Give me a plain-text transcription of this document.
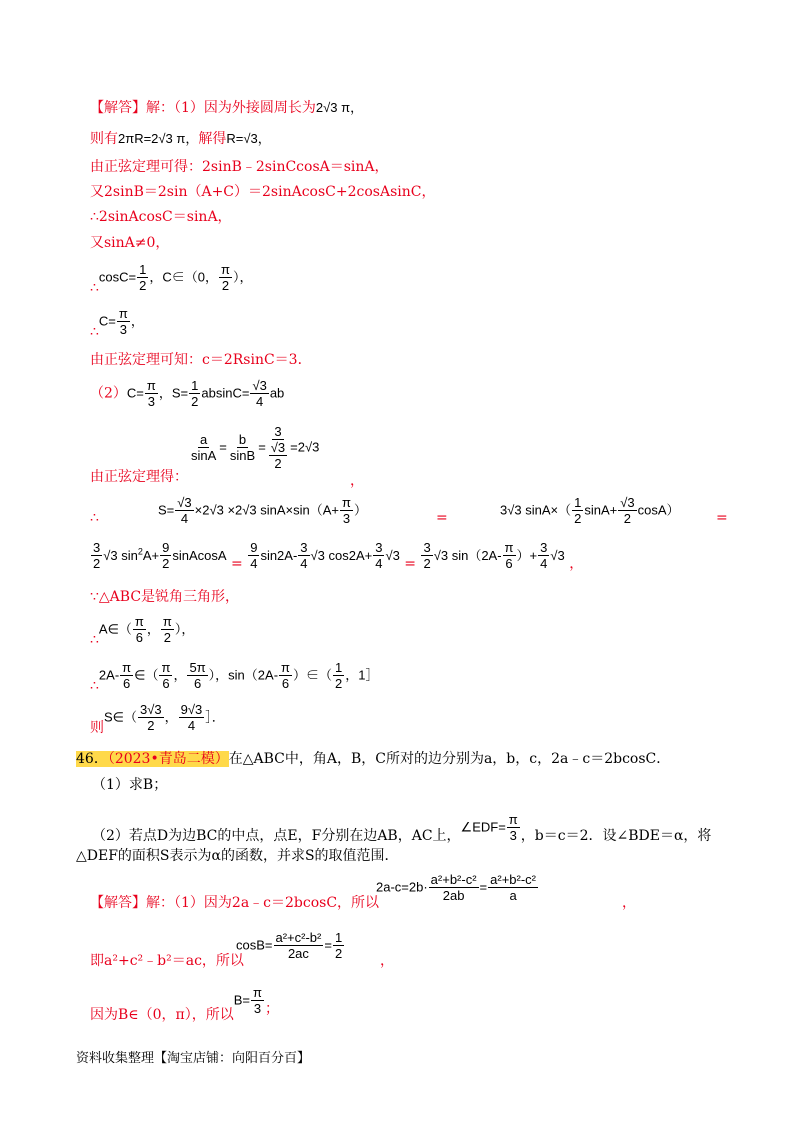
【解答】解：（1）因为外接圆周长为2√3 π，
则有2πR=2√3 π，解得R=√3，
由正弦定理可得：2sinB﹣2sinCcosA＝sinA，
又2sinB＝2sin（A+C）＝2sinAcosC+2cosAsinC，
∴2sinAcosC＝sinA，
又sinA≠0，
∴cosC= $\frac{1}{2}$ ，C∈（0， $\frac{\pi}{2}$ ），
∴C= $\frac{\pi}{3}$ ，
由正弦定理可知：c＝2RsinC＝3．
$(2)C= \frac{\pi}{3}$ ，$S= \frac{1}{2} absinC= \frac{√3}{4}$ ab
$\frac{a}{\sin A} = \frac{b}{\sin B} = 3$
√3
2 =2√3
由正弦定理得：	，
∴	$S= \frac{√3}{4} \times 2√3 \times 2√3$ $\sin A\times\sin(A+ \frac{\pi}{3}$ ）	=	3√3 $\sin A\times( \frac{1}{2} \sin A+ \frac{√3}{2} \cos A)$	=
$\frac{3}{2} √3$ $\sin^2A+ \frac{9}{2}$ sinAcosA = $\frac{9}{4} \sin 2A- \frac{3}{4} √3$ $\cos 2A+ \frac{3}{4} √3 = \frac{3}{2} √3$ $\sin(2A- \frac{\pi}{6}$ ）+ $\frac{3}{4} √3$ ，
∵△ABC是锐角三角形，
∴A∈（ $\frac{\pi}{6}$ ， $\frac{\pi}{2}$ ），
∴2A- $\frac{\pi}{6}$ ∈（ $\frac{\pi}{6}$ ， $\frac{5\pi}{6}$ ），$\sin(2A- \frac{\pi}{6}$ ）∈（ $\frac{1}{2}$ ，1］
则S∈（ $\frac{3√3}{2}$ ， $\frac{9√3}{4}$ ］．
46．（2023•青岛二模）在△ABC中，角A，B，C所对的边分别为a，b，c，2a﹣c＝2bcosC．
（1）求B；
（2）若点D为边BC的中点，点E，F分别在边AB，AC上，∠EDF= $\frac{\pi}{3}$ ，b＝c＝2．设∠BDE＝α，将
△DEF的面积S表示为α的函数，并求S的取值范围．
【解答】解：（1）因为2a﹣c＝2bcosC，所以
$2a-c=2b\cdot \frac{\text{a²+b²-c²}}{2ab} = \frac{\text{a²+b²-c²}}{a}$	，
即a²+c²﹣b²＝ac，所以
$\cos B= \frac{\text{a²+c²-b²}}{2ac} = \frac{1}{2}$	，
因为B∈（0，π），所以$B= \frac{\pi}{3}$ ；
资料收集整理【淘宝店铺：向阳百分百】
